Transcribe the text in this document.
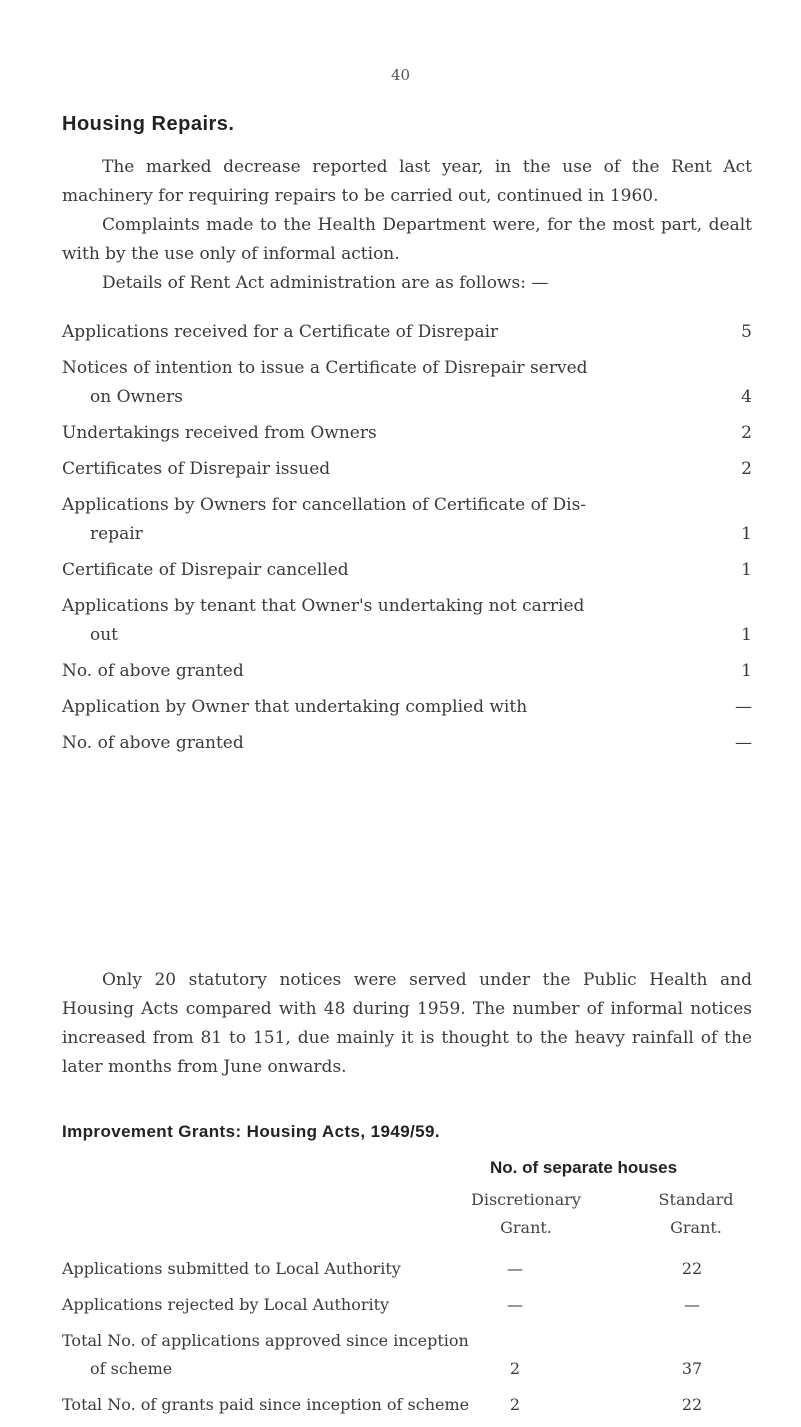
40
Housing Repairs.
The marked decrease reported last year, in the use of the Rent Act machinery for requiring repairs to be carried out, continued in 1960.
Complaints made to the Health Department were, for the most part, dealt with by the use only of informal action.
Details of Rent Act administration are as follows: —
Applications received for a Certificate of Disrepair	5
Notices of intention to issue a Certificate of Disrepair served
on Owners	4
Undertakings received from Owners	2
Certificates of Disrepair issued	2
Applications by Owners for cancellation of Certificate of Dis-
repair	1
Certificate of Disrepair cancelled	1
Applications by tenant that Owner's undertaking not carried
out	1
No. of above granted	1
Application by Owner that undertaking complied with	—
No. of above granted	—
Only 20 statutory notices were served under the Public Health and Housing Acts compared with 48 during 1959. The number of informal notices increased from 81 to 151, due mainly it is thought to the heavy rainfall of the later months from June onwards.
Improvement Grants: Housing Acts, 1949/59.
No. of separate houses
Discretionary Grant.
Standard Grant.
Applications submitted to Local Authority	—	22
Applications rejected by Local Authority	—	—
Total No. of applications approved since inception
of scheme	2	37
Total No. of grants paid since inception of scheme	2	22
